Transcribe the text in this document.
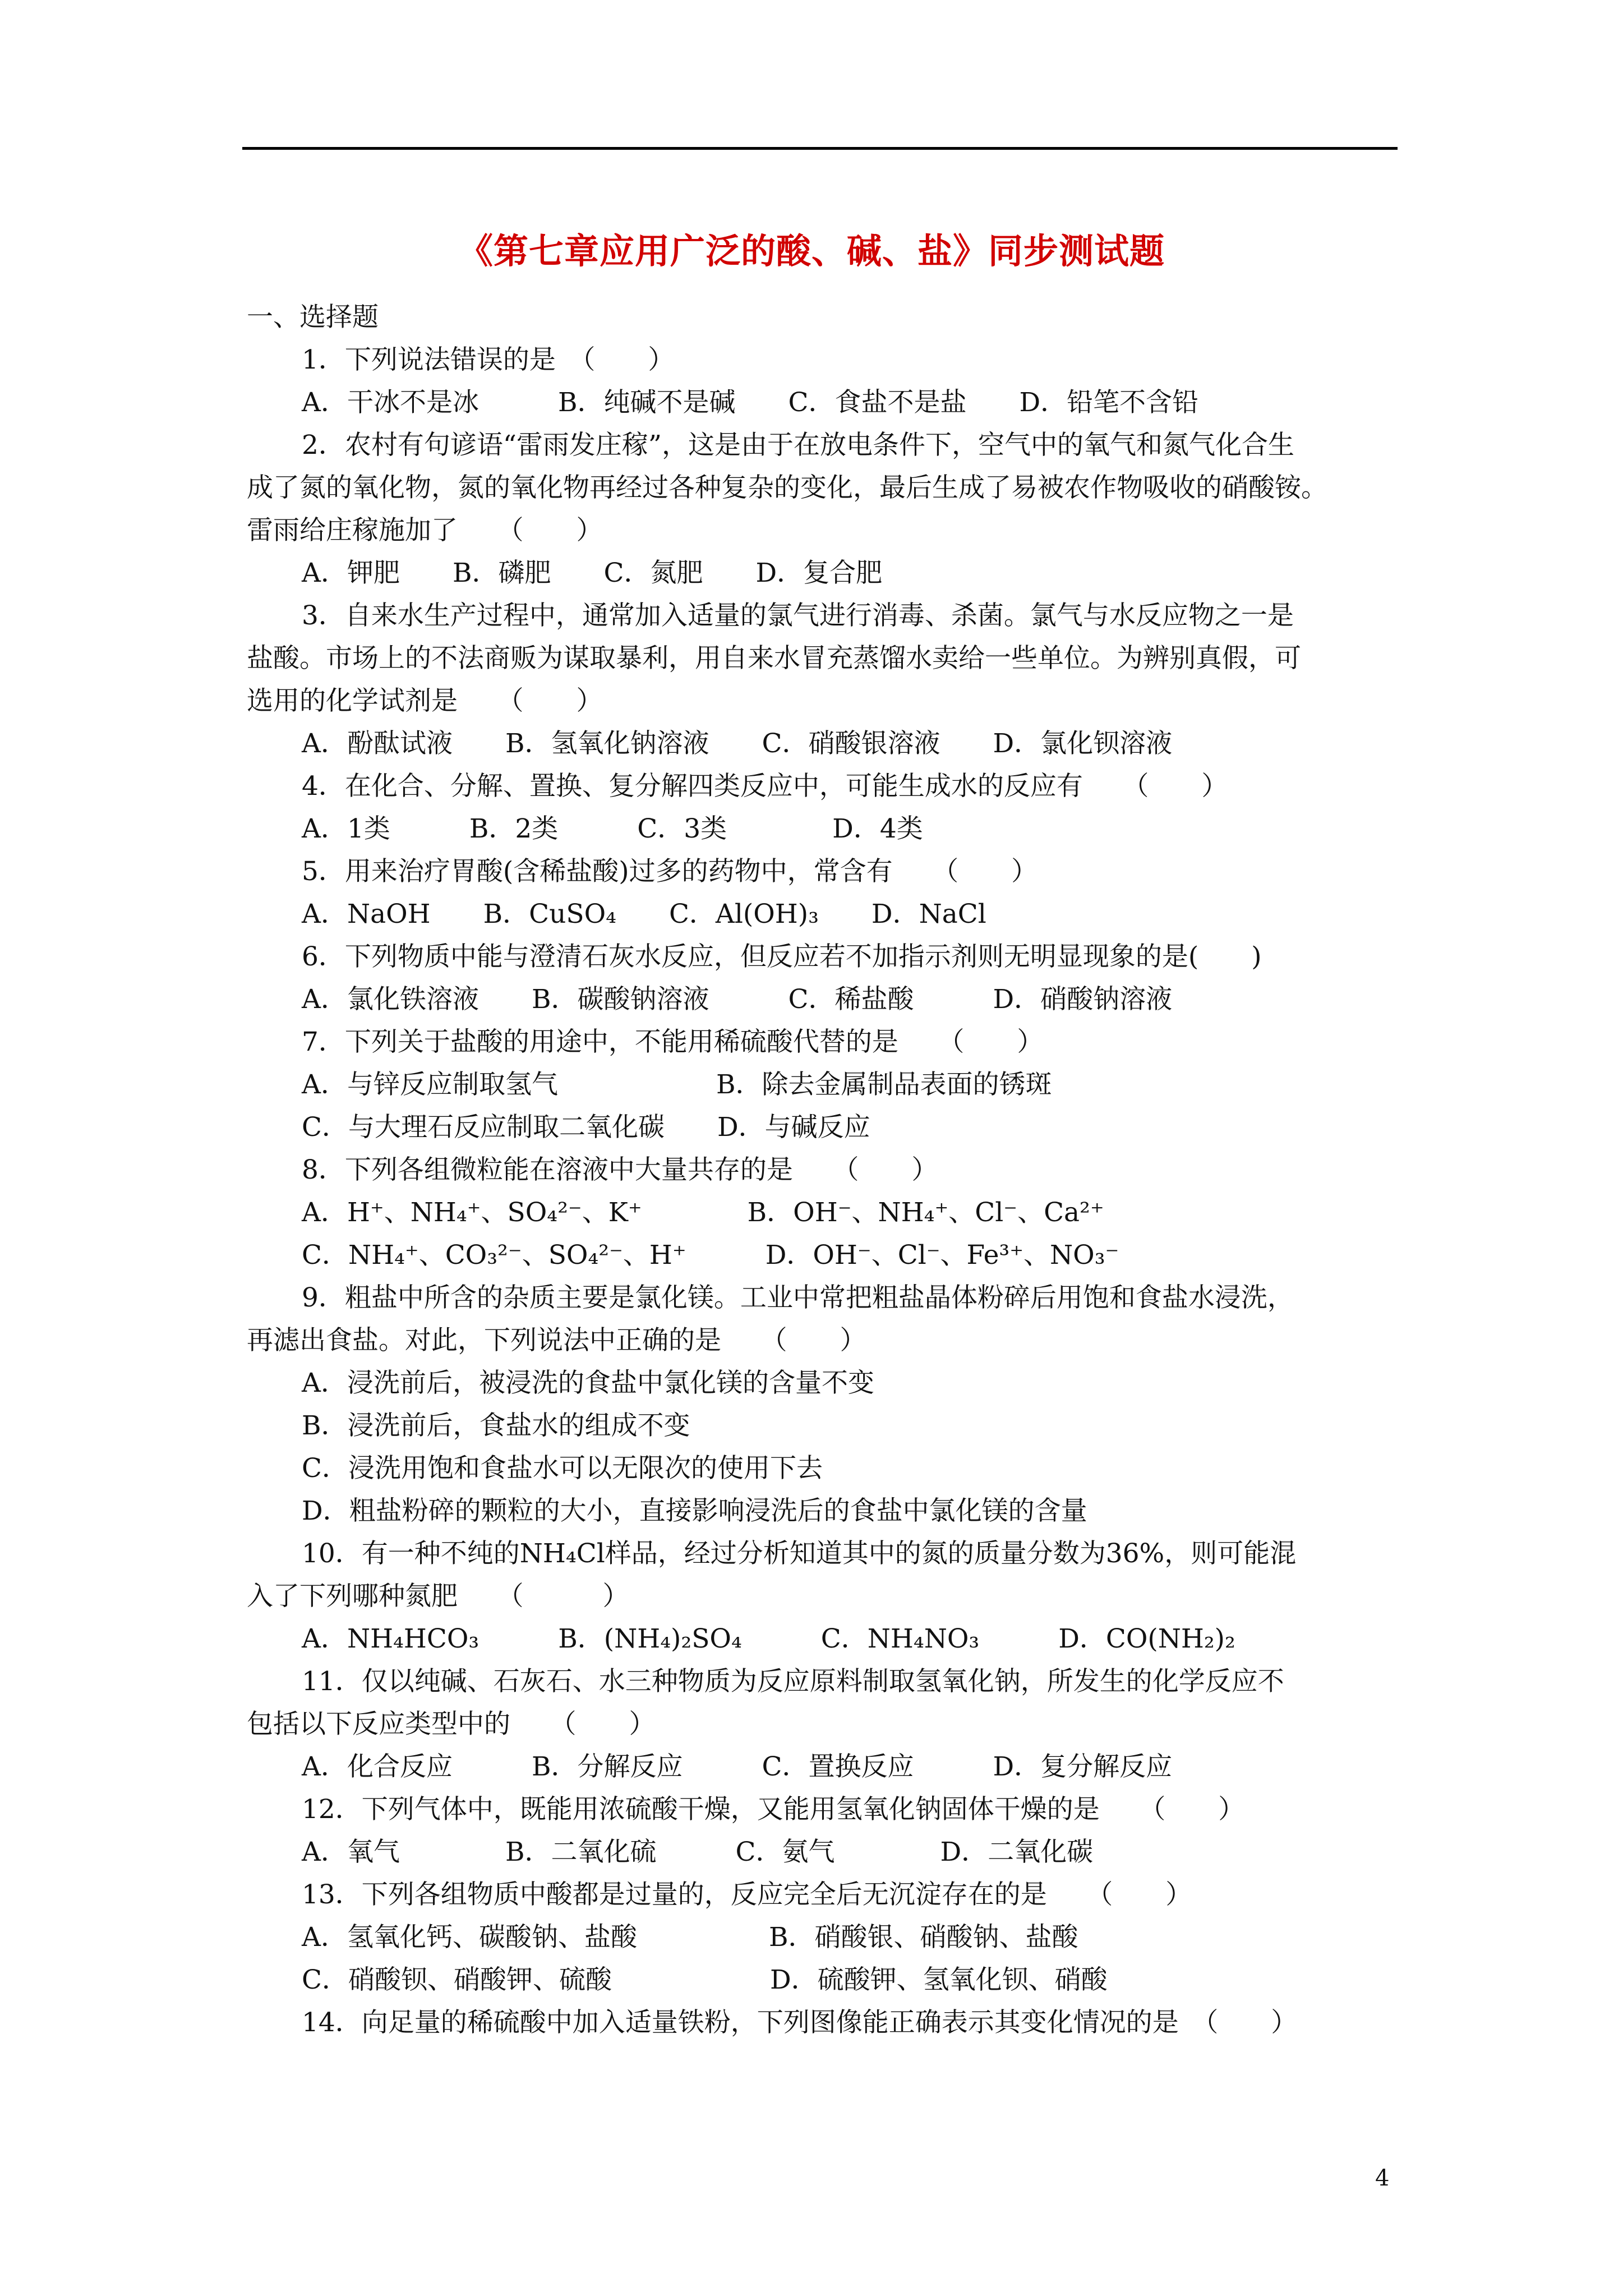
《第七章应用广泛的酸、碱、盐》同步测试题
一、选择题
1．下列说法错误的是　（　　）
A．干冰不是冰　　　B．纯碱不是碱　　C．食盐不是盐　　D．铅笔不含铅
2．农村有句谚语“雷雨发庄稼”，这是由于在放电条件下，空气中的氧气和氮气化合生
成了氮的氧化物，氮的氧化物再经过各种复杂的变化，最后生成了易被农作物吸收的硝酸铵。
雷雨给庄稼施加了　　（　　）
A．钾肥　　B．磷肥　　C．氮肥　　D．复合肥
3．自来水生产过程中，通常加入适量的氯气进行消毒、杀菌。氯气与水反应物之一是
盐酸。市场上的不法商贩为谋取暴利，用自来水冒充蒸馏水卖给一些单位。为辨别真假，可
选用的化学试剂是　　（　　）
A．酚酞试液　　B．氢氧化钠溶液　　C．硝酸银溶液　　D．氯化钡溶液
4．在化合、分解、置换、复分解四类反应中，可能生成水的反应有　　（　　）
A．1类　　　B．2类　　　C．3类　　　　D．4类
5．用来治疗胃酸(含稀盐酸)过多的药物中，常含有　　（　　）
A．NaOH　　B．CuSO₄　　C．Al(OH)₃　　D．NaCl
6．下列物质中能与澄清石灰水反应，但反应若不加指示剂则无明显现象的是(　　)
A．氯化铁溶液　　B．碳酸钠溶液　　　C．稀盐酸　　　D．硝酸钠溶液
7．下列关于盐酸的用途中，不能用稀硫酸代替的是　　（　　）
A．与锌反应制取氢气　　　　　　B．除去金属制品表面的锈斑
C．与大理石反应制取二氧化碳　　D．与碱反应
8．下列各组微粒能在溶液中大量共存的是　　（　　）
A．H⁺、NH₄⁺、SO₄²⁻、K⁺　　　　B．OH⁻、NH₄⁺、Cl⁻、Ca²⁺
C．NH₄⁺、CO₃²⁻、SO₄²⁻、H⁺　　　D．OH⁻、Cl⁻、Fe³⁺、NO₃⁻
9．粗盐中所含的杂质主要是氯化镁。工业中常把粗盐晶体粉碎后用饱和食盐水浸洗，
再滤出食盐。对此，下列说法中正确的是　　（　　）
A．浸洗前后，被浸洗的食盐中氯化镁的含量不变
B．浸洗前后，食盐水的组成不变
C．浸洗用饱和食盐水可以无限次的使用下去
D．粗盐粉碎的颗粒的大小，直接影响浸洗后的食盐中氯化镁的含量
10．有一种不纯的NH₄Cl样品，经过分析知道其中的氮的质量分数为36%，则可能混
入了下列哪种氮肥　　（　　　）
A．NH₄HCO₃　　　B．(NH₄)₂SO₄　　　C．NH₄NO₃　　　D．CO(NH₂)₂
11．仅以纯碱、石灰石、水三种物质为反应原料制取氢氧化钠，所发生的化学反应不
包括以下反应类型中的　　（　　）
A．化合反应　　　B．分解反应　　　C．置换反应　　　D．复分解反应
12．下列气体中，既能用浓硫酸干燥，又能用氢氧化钠固体干燥的是　　（　　）
A．氧气　　　　B．二氧化硫　　　C．氨气　　　　D．二氧化碳
13．下列各组物质中酸都是过量的，反应完全后无沉淀存在的是　　（　　）
A．氢氧化钙、碳酸钠、盐酸　　　　　B．硝酸银、硝酸钠、盐酸
C．硝酸钡、硝酸钾、硫酸　　　　　　D．硫酸钾、氢氧化钡、硝酸
14．向足量的稀硫酸中加入适量铁粉，下列图像能正确表示其变化情况的是　（　　）
4
